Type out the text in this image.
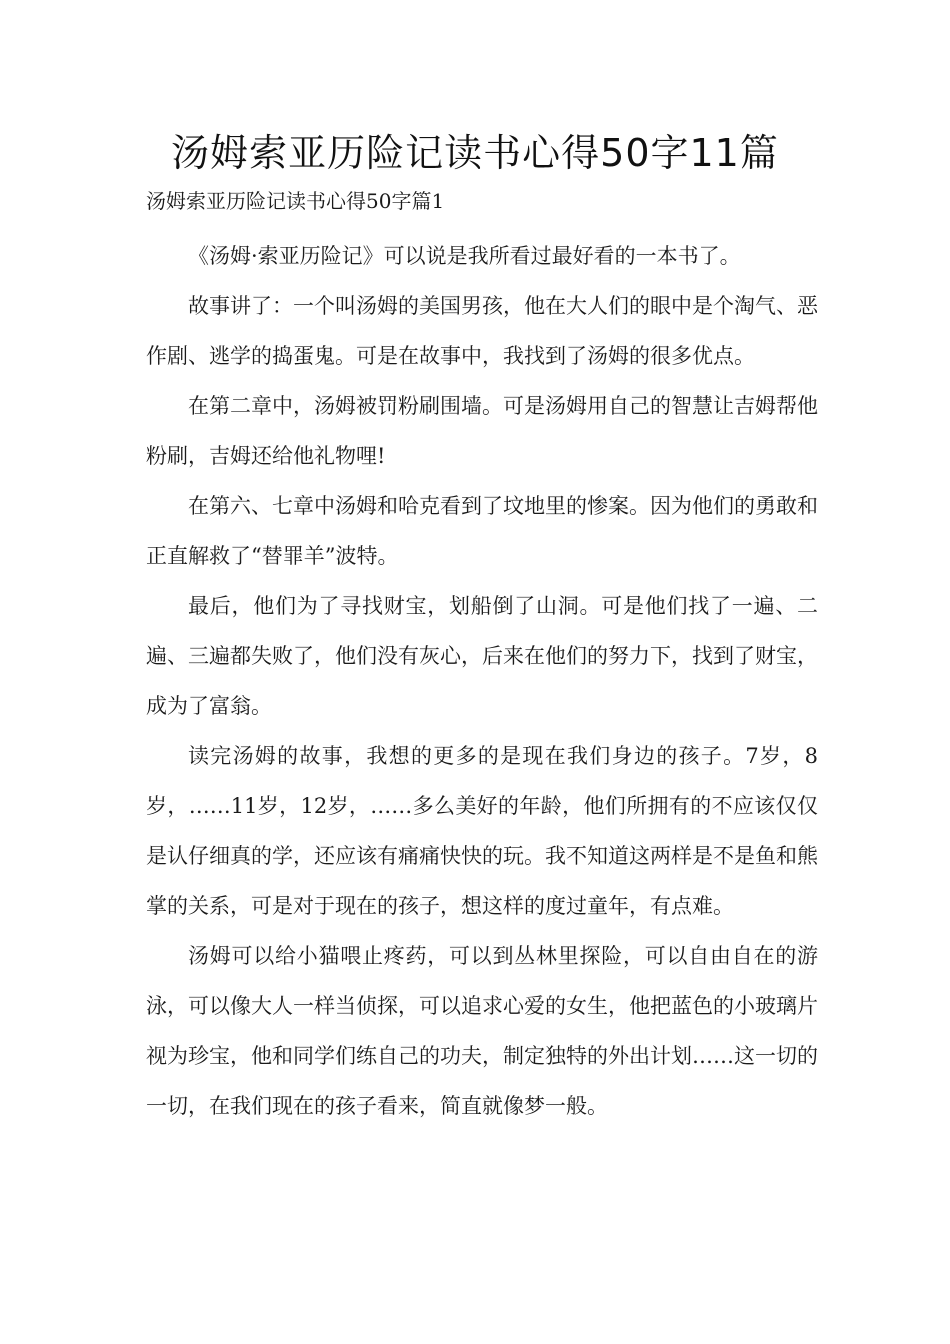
汤姆索亚历险记读书心得50字11篇
汤姆索亚历险记读书心得50字篇1

《汤姆·索亚历险记》可以说是我所看过最好看的一本书了。

故事讲了：一个叫汤姆的美国男孩，他在大人们的眼中是个淘气、恶作剧、逃学的捣蛋鬼。可是在故事中，我找到了汤姆的很多优点。

在第二章中，汤姆被罚粉刷围墙。可是汤姆用自己的智慧让吉姆帮他粉刷，吉姆还给他礼物哩!

在第六、七章中汤姆和哈克看到了坟地里的惨案。因为他们的勇敢和正直解救了“替罪羊”波特。

最后，他们为了寻找财宝，划船倒了山洞。可是他们找了一遍、二遍、三遍都失败了，他们没有灰心，后来在他们的努力下，找到了财宝，成为了富翁。

读完汤姆的故事，我想的更多的是现在我们身边的孩子。7岁，8岁，……11岁，12岁，……多么美好的年龄，他们所拥有的不应该仅仅是认仔细真的学，还应该有痛痛快快的玩。我不知道这两样是不是鱼和熊掌的关系，可是对于现在的孩子，想这样的度过童年，有点难。

汤姆可以给小猫喂止疼药，可以到丛林里探险，可以自由自在的游泳，可以像大人一样当侦探，可以追求心爱的女生，他把蓝色的小玻璃片视为珍宝，他和同学们练自己的功夫，制定独特的外出计划……这一切的一切，在我们现在的孩子看来，简直就像梦一般。
